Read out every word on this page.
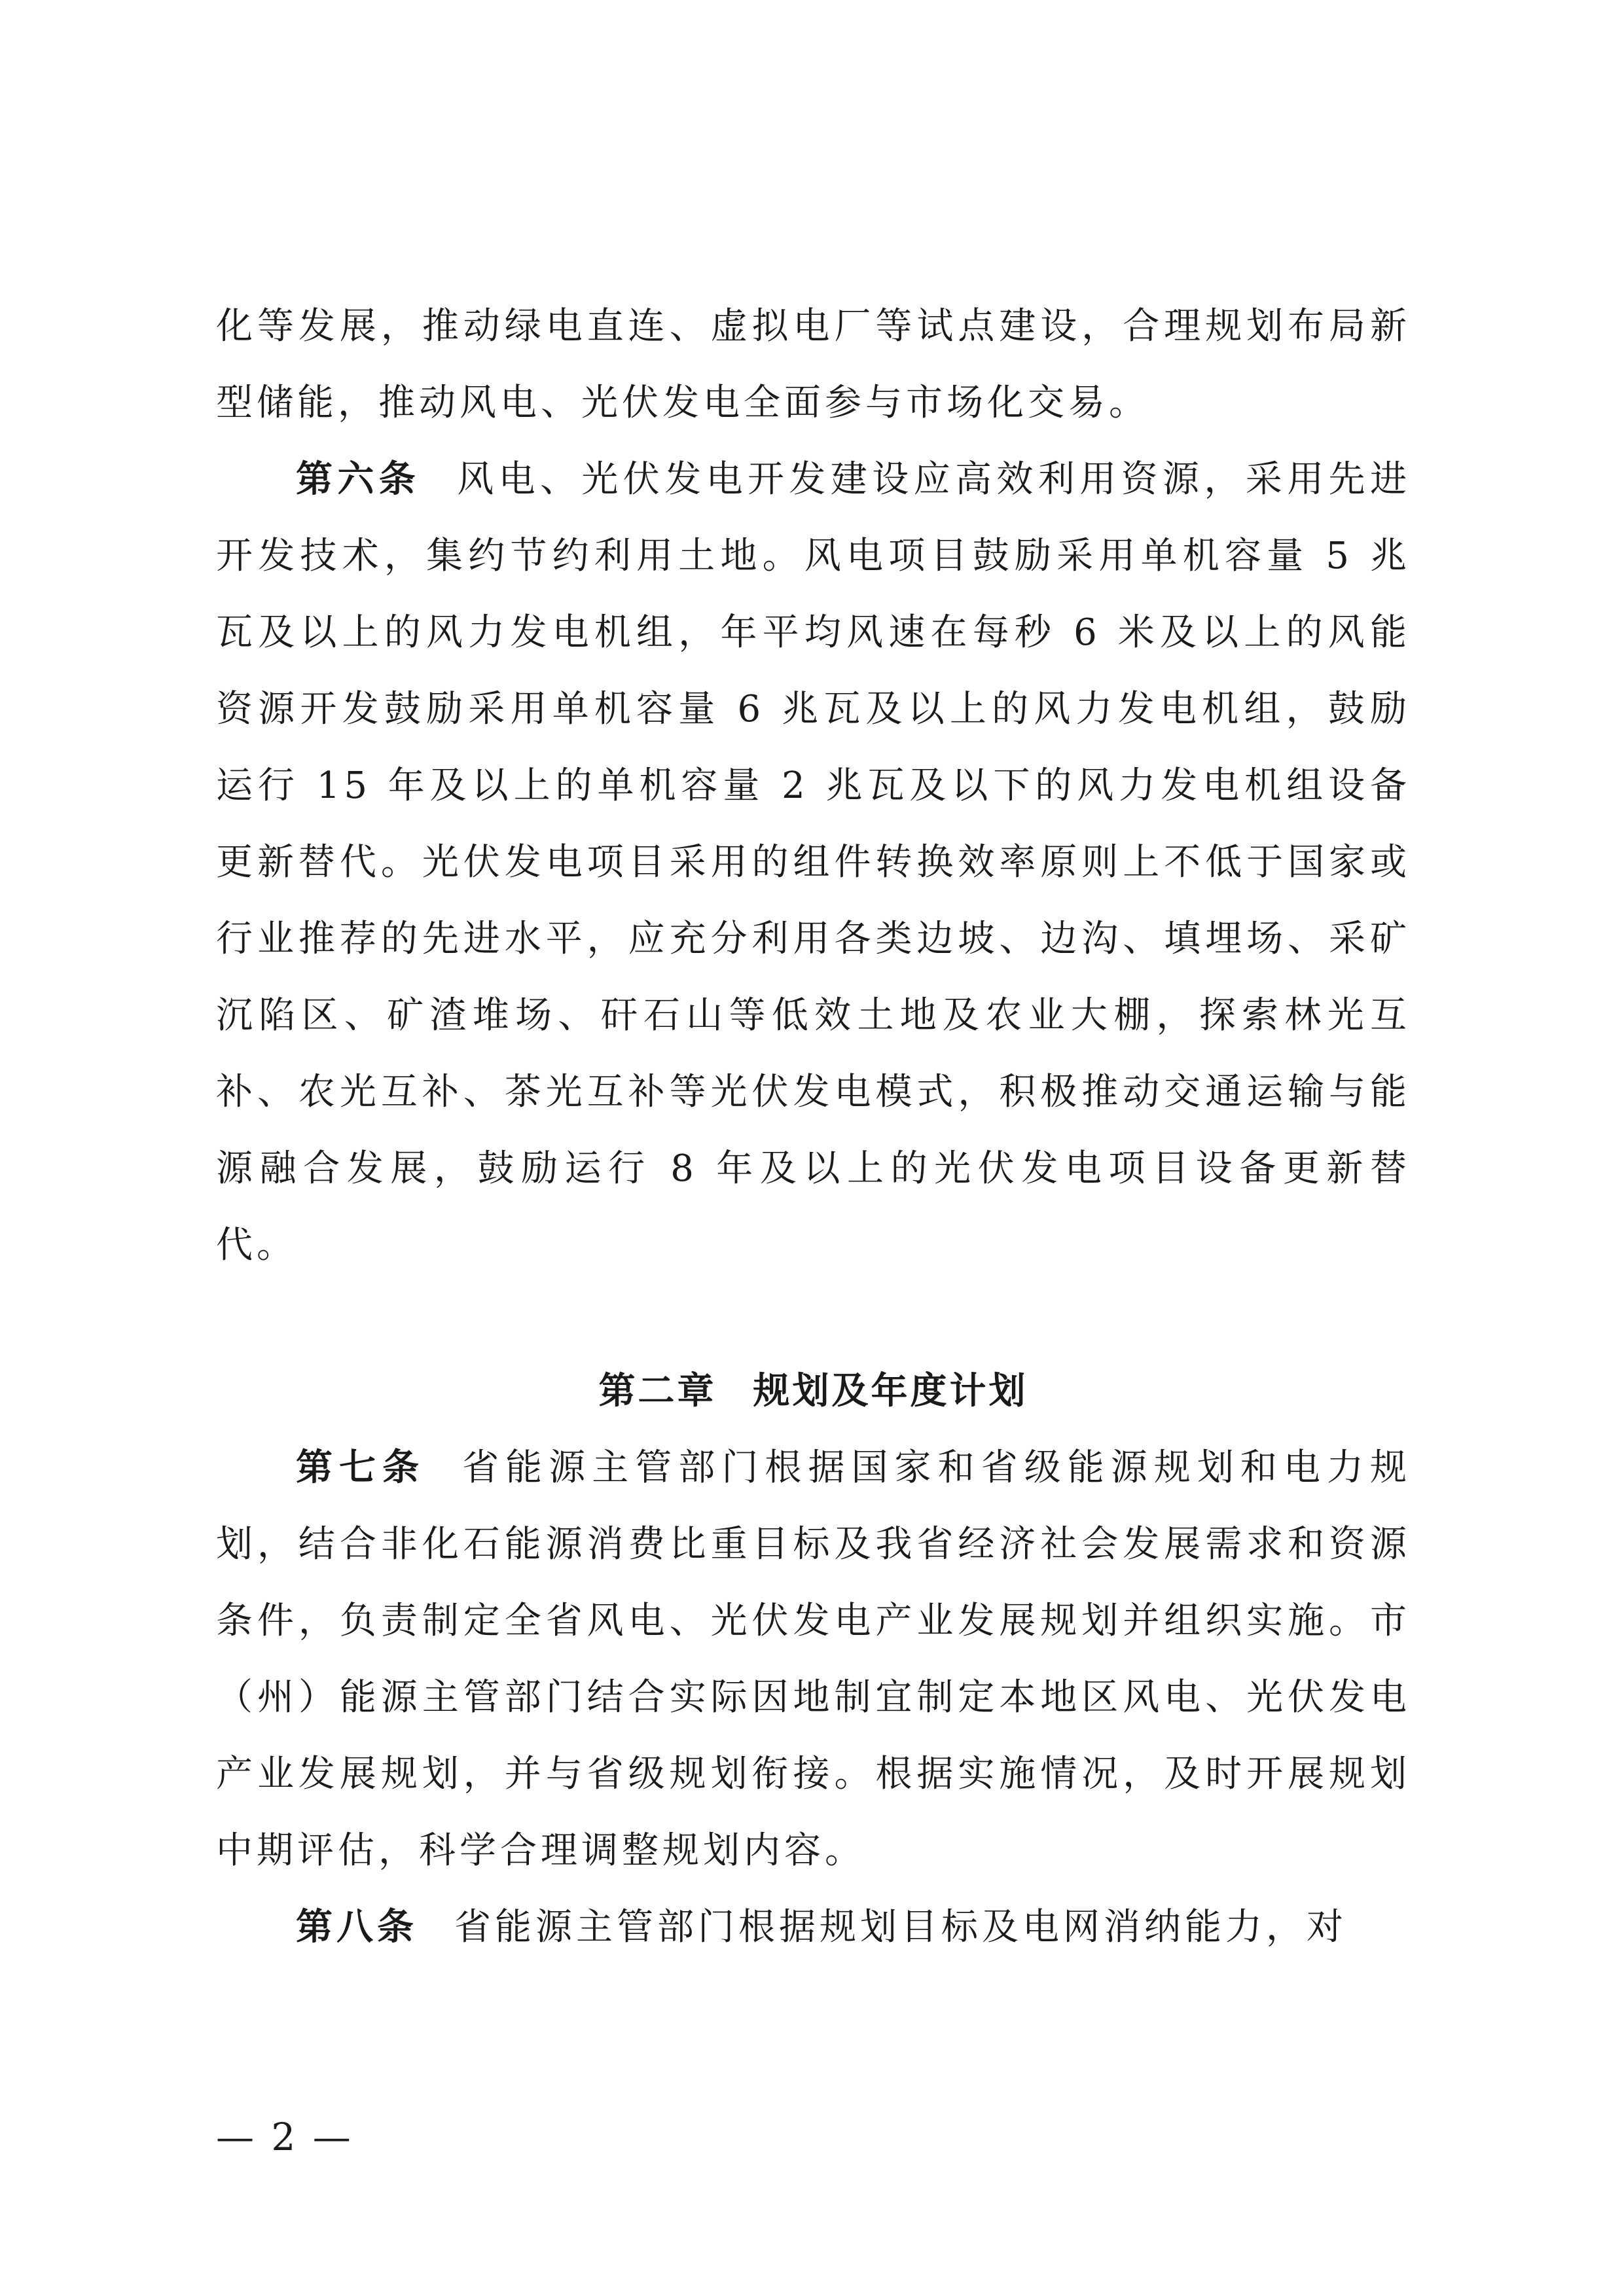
化等发展，推动绿电直连、虚拟电厂等试点建设，合理规划布局新型储能，推动风电、光伏发电全面参与市场化交易。

第六条 风电、光伏发电开发建设应高效利用资源，采用先进开发技术，集约节约利用土地。风电项目鼓励采用单机容量 5 兆瓦及以上的风力发电机组，年平均风速在每秒 6 米及以上的风能资源开发鼓励采用单机容量 6 兆瓦及以上的风力发电机组，鼓励运行 15 年及以上的单机容量 2 兆瓦及以下的风力发电机组设备更新替代。光伏发电项目采用的组件转换效率原则上不低于国家或行业推荐的先进水平，应充分利用各类边坡、边沟、填埋场、采矿沉陷区、矿渣堆场、矸石山等低效土地及农业大棚，探索林光互补、农光互补、茶光互补等光伏发电模式，积极推动交通运输与能源融合发展，鼓励运行 8 年及以上的光伏发电项目设备更新替代。

第二章 规划及年度计划

第七条 省能源主管部门根据国家和省级能源规划和电力规划，结合非化石能源消费比重目标及我省经济社会发展需求和资源条件，负责制定全省风电、光伏发电产业发展规划并组织实施。市（州）能源主管部门结合实际因地制宜制定本地区风电、光伏发电产业发展规划，并与省级规划衔接。根据实施情况，及时开展规划中期评估，科学合理调整规划内容。

第八条 省能源主管部门根据规划目标及电网消纳能力，对

— 2 —
